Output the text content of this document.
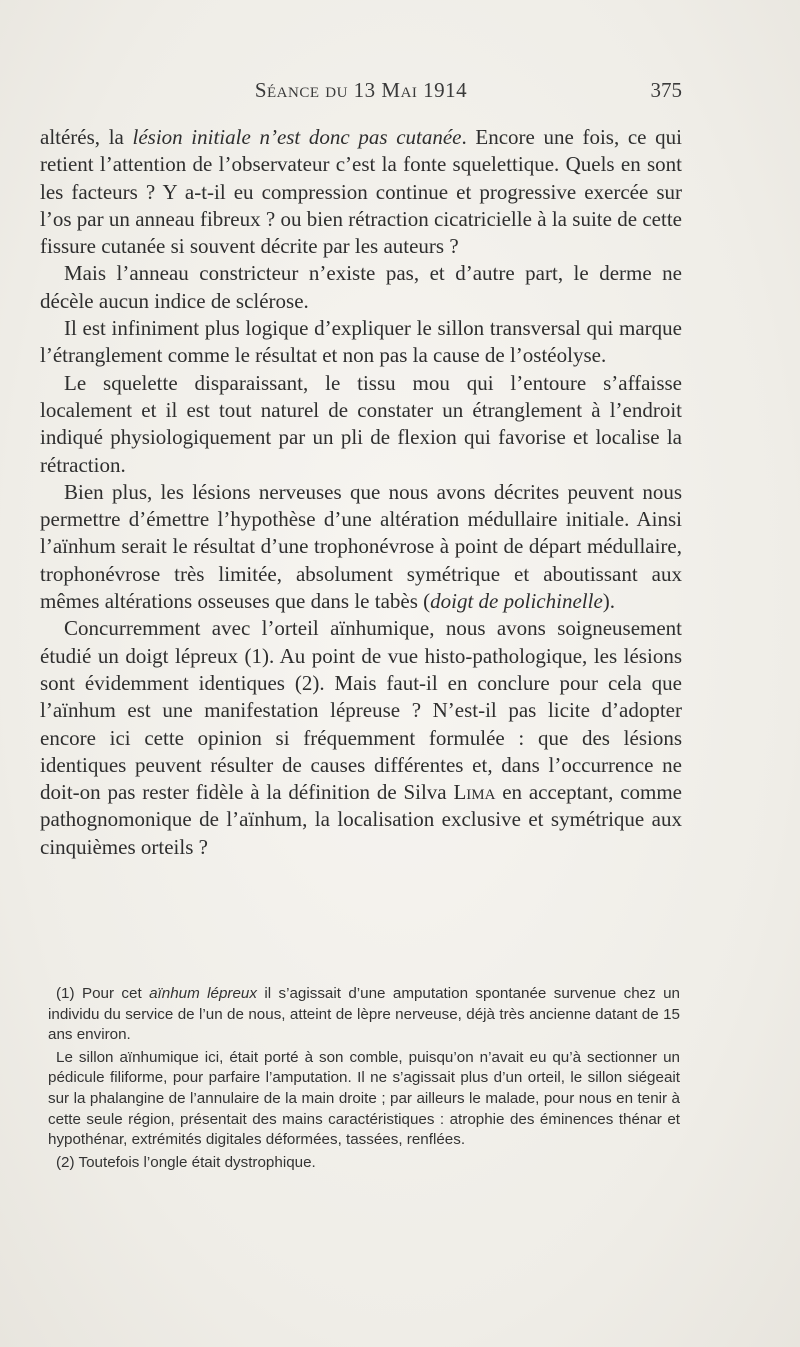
Séance du 13 Mai 1914	375

altérés, la lésion initiale n’est donc pas cutanée. Encore une fois, ce qui retient l’attention de l’observateur c’est la fonte squelettique. Quels en sont les facteurs ? Y a-t-il eu compression continue et progressive exercée sur l’os par un anneau fibreux ? ou bien rétraction cicatricielle à la suite de cette fissure cutanée si souvent décrite par les auteurs ?

Mais l’anneau constricteur n’existe pas, et d’autre part, le derme ne décèle aucun indice de sclérose.

Il est infiniment plus logique d’expliquer le sillon transversal qui marque l’étranglement comme le résultat et non pas la cause de l’ostéolyse.

Le squelette disparaissant, le tissu mou qui l’entoure s’affaisse localement et il est tout naturel de constater un étranglement à l’endroit indiqué physiologiquement par un pli de flexion qui favorise et localise la rétraction.

Bien plus, les lésions nerveuses que nous avons décrites peuvent nous permettre d’émettre l’hypothèse d’une altération médullaire initiale. Ainsi l’aïnhum serait le résultat d’une trophonévrose à point de départ médullaire, trophonévrose très limitée, absolument symétrique et aboutissant aux mêmes altérations osseuses que dans le tabès (doigt de polichinelle).

Concurremment avec l’orteil aïnhumique, nous avons soigneusement étudié un doigt lépreux (1). Au point de vue histo-pathologique, les lésions sont évidemment identiques (2). Mais faut-il en conclure pour cela que l’aïnhum est une manifestation lépreuse ? N’est-il pas licite d’adopter encore ici cette opinion si fréquemment formulée : que des lésions identiques peuvent résulter de causes différentes et, dans l’occurrence ne doit-on pas rester fidèle à la définition de Silva Lima en acceptant, comme pathognomonique de l’aïnhum, la localisation exclusive et symétrique aux cinquièmes orteils ?

(1) Pour cet aïnhum lépreux il s’agissait d’une amputation spontanée survenue chez un individu du service de l’un de nous, atteint de lèpre nerveuse, déjà très ancienne datant de 15 ans environ.

Le sillon aïnhumique ici, était porté à son comble, puisqu’on n’avait eu qu’à sectionner un pédicule filiforme, pour parfaire l’amputation. Il ne s’agissait plus d’un orteil, le sillon siégeait sur la phalangine de l’annulaire de la main droite ; par ailleurs le malade, pour nous en tenir à cette seule région, présentait des mains caractéristiques : atrophie des éminences thénar et hypothénar, extrémités digitales déformées, tassées, renflées.

(2) Toutefois l’ongle était dystrophique.
